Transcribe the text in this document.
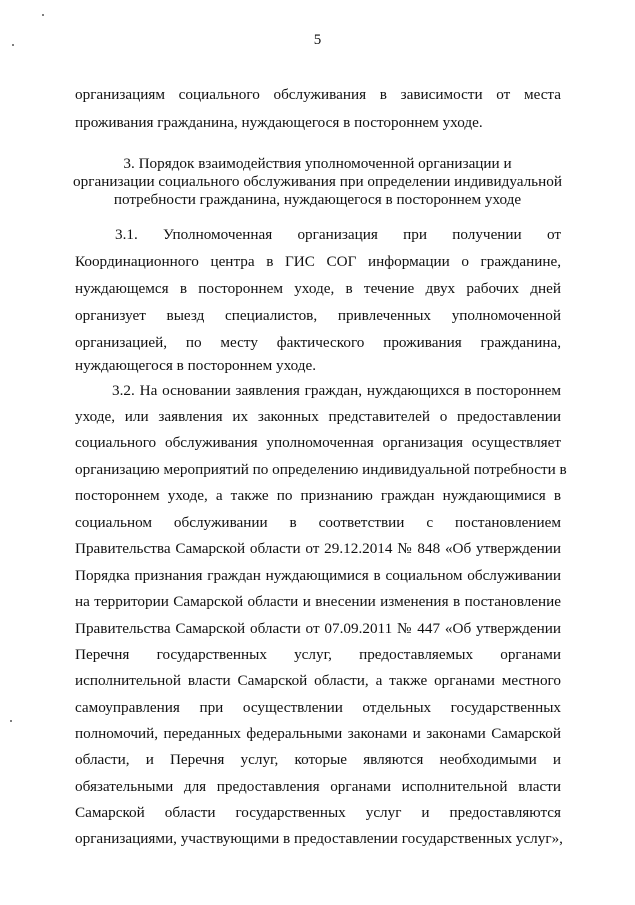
5
организациям социального обслуживания в зависимости от места
проживания гражданина, нуждающегося в постороннем уходе.
3. Порядок взаимодействия уполномоченной организации и
организации социального обслуживания при определении индивидуальной
потребности гражданина, нуждающегося в постороннем уходе
3.1. Уполномоченная организация при получении от
Координационного центра в ГИС СОГ информации о гражданине,
нуждающемся в постороннем уходе, в течение двух рабочих дней
организует выезд специалистов, привлеченных уполномоченной
организацией, по месту фактического проживания гражданина,
нуждающегося в постороннем уходе.
3.2. На основании заявления граждан, нуждающихся в постороннем
уходе, или заявления их законных представителей о предоставлении
социального обслуживания уполномоченная организация осуществляет
организацию мероприятий по определению индивидуальной потребности в
постороннем уходе, а также по признанию граждан нуждающимися в
социальном обслуживании в соответствии с постановлением
Правительства Самарской области от 29.12.2014 № 848 «Об утверждении
Порядка признания граждан нуждающимися в социальном обслуживании
на территории Самарской области и внесении изменения в постановление
Правительства Самарской области от 07.09.2011 № 447 «Об утверждении
Перечня государственных услуг, предоставляемых органами
исполнительной власти Самарской области, а также органами местного
самоуправления при осуществлении отдельных государственных
полномочий, переданных федеральными законами и законами Самарской
области, и Перечня услуг, которые являются необходимыми и
обязательными для предоставления органами исполнительной власти
Самарской области государственных услуг и предоставляются
организациями, участвующими в предоставлении государственных услуг»,
